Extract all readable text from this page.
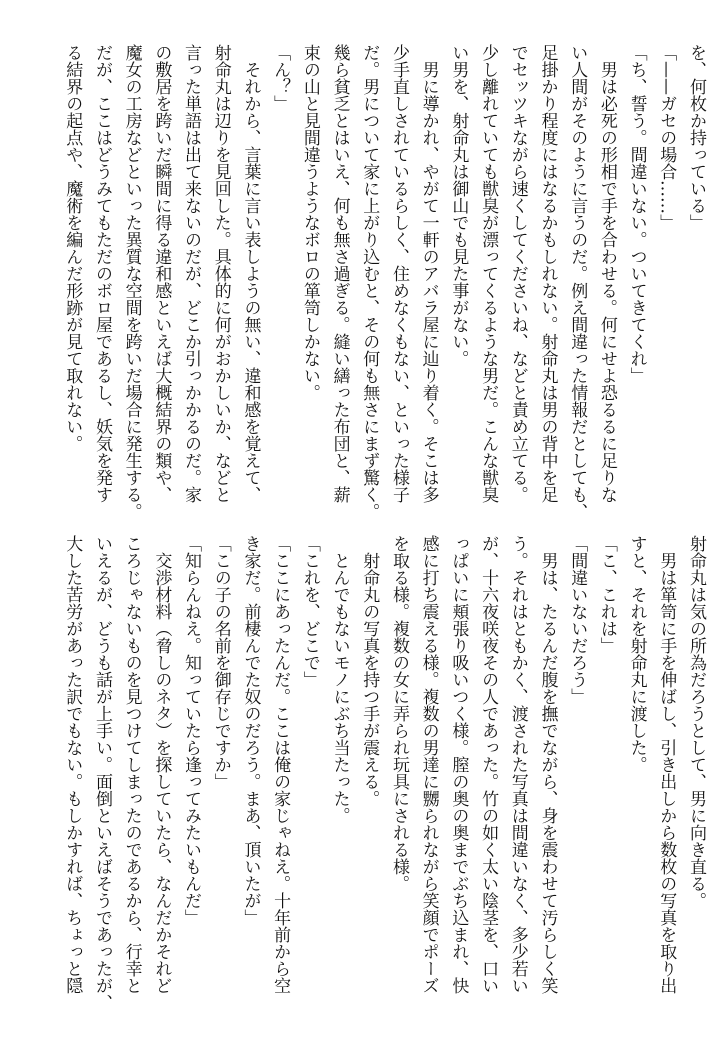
を、何枚か持っている」
「——ガセの場合……」
「ち、誓う。間違いない。ついてきてくれ」
　男は必死の形相で手を合わせる。何にせよ恐るるに足りな
い人間がそのように言うのだ。例え間違った情報だとしても、
足掛かり程度にはなるかもしれない。射命丸は男の背中を足
でセッツキながら速くしてくださいね、などと責め立てる。
少し離れていても獣臭が漂ってくるような男だ。こんな獣臭
い男を、射命丸は御山でも見た事がない。
　男に導かれ、やがて一軒のアバラ屋に辿り着く。そこは多
少手直しされているらしく、住めなくもない、といった様子
だ。男について家に上がり込むと、その何も無さにまず驚く。
幾ら貧乏とはいえ、何も無さ過ぎる。縫い繕った布団と、薪
束の山と見間違うようなボロの箪笥しかない。
「ん？」
　それから、言葉に言い表しようの無い、違和感を覚えて、
射命丸は辺りを見回した。具体的に何がおかしいか、などと
言った単語は出て来ないのだが、どこか引っかかるのだ。家
の敷居を跨いだ瞬間に得る違和感といえば大概結界の類や、
魔女の工房などといった異質な空間を跨いだ場合に発生する。
だが、ここはどうみてもただのボロ屋であるし、妖気を発す
る結界の起点や、魔術を編んだ形跡が見て取れない。
射命丸は気の所為だろうとして、男に向き直る。
　男は箪笥に手を伸ばし、引き出しから数枚の写真を取り出
すと、それを射命丸に渡した。
「こ、これは」
「間違いないだろう」
　男は、たるんだ腹を撫でながら、身を震わせて汚らしく笑
う。それはともかく、渡された写真は間違いなく、多少若い
が、十六夜咲夜その人であった。竹の如く太い陰茎を、口い
っぱいに頬張り吸いつく様。膣の奥の奥までぶち込まれ、快
感に打ち震える様。複数の男達に嬲られながら笑顔でポーズ
を取る様。複数の女に弄られ玩具にされる様。
　射命丸の写真を持つ手が震える。
　とんでもないモノにぶち当たった。
「これを、どこで」
「ここにあったんだ。ここは俺の家じゃねえ。十年前から空
き家だ。前棲んでた奴のだろう。まあ、頂いたが」
「この子の名前を御存じですか」
「知らんねえ。知っていたら逢ってみたいもんだ」
　交渉材料（脅しのネタ）を探していたら、なんだかそれど
ころじゃないものを見つけてしまったのであるから、行幸と
いえるが、どうも話が上手い。面倒といえばそうであったが、
大した苦労があった訳でもない。もしかすれば、ちょっと隠
